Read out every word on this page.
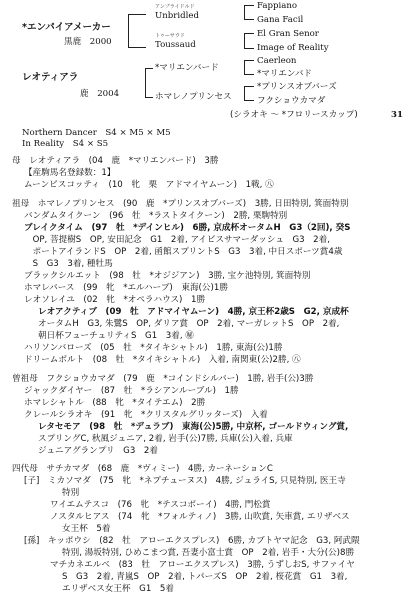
*エンパイアメーカー
黒鹿　2000
レオティアラ
鹿　2004
アンブライドルド
Unbridled
トゥーサウド
Toussaud
*マリエンバード
ホマレノプリンセス
Fappiano
Gana Facil
El Gran Senor
Image of Reality
Caerleon
*マリエンバド
*プリンスオブバーズ
フクショウカマダ
(シラオキ ～ *フロリースカップ)	31
Northern Dancer　S4 × M5 × M5
In Reality　S4 × S5
母　レオティアラ　(04　鹿　*マリエンバード)　3勝
【産駒馬名登録数：1】
ムーンビスコッティ　(10　牝　栗　アドマイヤムーン)　1戦, ㊇
祖母　ホマレノプリンセス　(90　鹿　*プリンスオブバーズ)　3勝, 日田特別, 箕面特別
バンダムタイクーン　(96　牡　*ラストタイクーン)　2勝, 栗駒特別
ブレイクタイム　(97　牡　*デインヒル)　6勝, 京成杯オータムH　G3（2回), 癸S
　OP, 菩提樹S　OP, 安田記念　G1　2着, アイビスサマーダッシュ　G3　2着,
　ポートアイランドS　OP　2着, 函館スプリントS　G3　3着, 中日スポーツ賞4歳
　S　G3　3着, 種牡馬
ブラックシルエット　(98　牡　*オジジアン)　3勝, 宝ケ池特別, 箕面特別
ホマレバース　(99　牝　*エルハーブ)　東海(公)1勝
レオソレイユ　(02　牝　*オペラハウス)　1勝
レオアクティブ　(09　牡　アドマイヤムーン)　4勝, 京王杯2歳S　G2, 京成杯
オータムH　G3, 朱鷺S　OP, ダリア賞　OP　2着, マーガレットS　OP　2着,
朝日杯フューチュリティS　G1　3着, ㊙
ハリソンバローズ　(05　牡　*タイキシャトル)　1勝, 東海(公)1勝
ドリームボルト　(08　牡　*タイキシャトル)　入着, 南関東(公)2勝, ㊇
曾祖母　フクショウカマダ　(79　鹿　*コインドシルバー)　1勝, 岩手(公)3勝
ジャックダイヤー　(87　牡　*ラシアンルーブル)　1勝
ホマレシャトル　(88　牝　*タイテエム)　2勝
クレールシラオキ　(91　牝　*クリスタルグリッターズ)　入着
レタセモア　(98　牡　*デュラブ)　東海(公)5勝, 中京杯, ゴールドウィング賞,
スプリングC, 秋風ジュニア, 2着, 岩手(公)7勝, 兵庫(公)入着, 兵庫
ジュニアグランプリ　G3　2着
四代母　サチカマダ　(68　鹿　*ヴィミー)　4勝, カーネーションC
[子]　ミカソマダ　(75　牝　*ネプチューヌス)　4勝, ジュライS, 只見特別, 医王寺
特別
ワイエムテスコ　(76　牝　*テスコボーイ)　4勝, 門松賞
ノスタルヒアス　(74　牝　*フォルティノ)　3勝, 山吹賞, 矢車賞, エリザベス
女王杯　5着
[孫]　キッポウシ　(82　牡　アローエクスプレス)　6勝, カブトヤマ記念　G3, 阿武隈
特別, 湯坂特別, ひめこまつ賞, 吾妻小富士賞　OP　2着, 岩手・大分(公)8勝
マチカネエルベ　(83　牡　アローエクスプレス)　3勝, うずしおS, サファイヤ
S　G3　2着, 青嵐S　OP　2着, トパーズS　OP　2着, 桜花賞　G1　3着,
エリザベス女王杯　G1　5着
